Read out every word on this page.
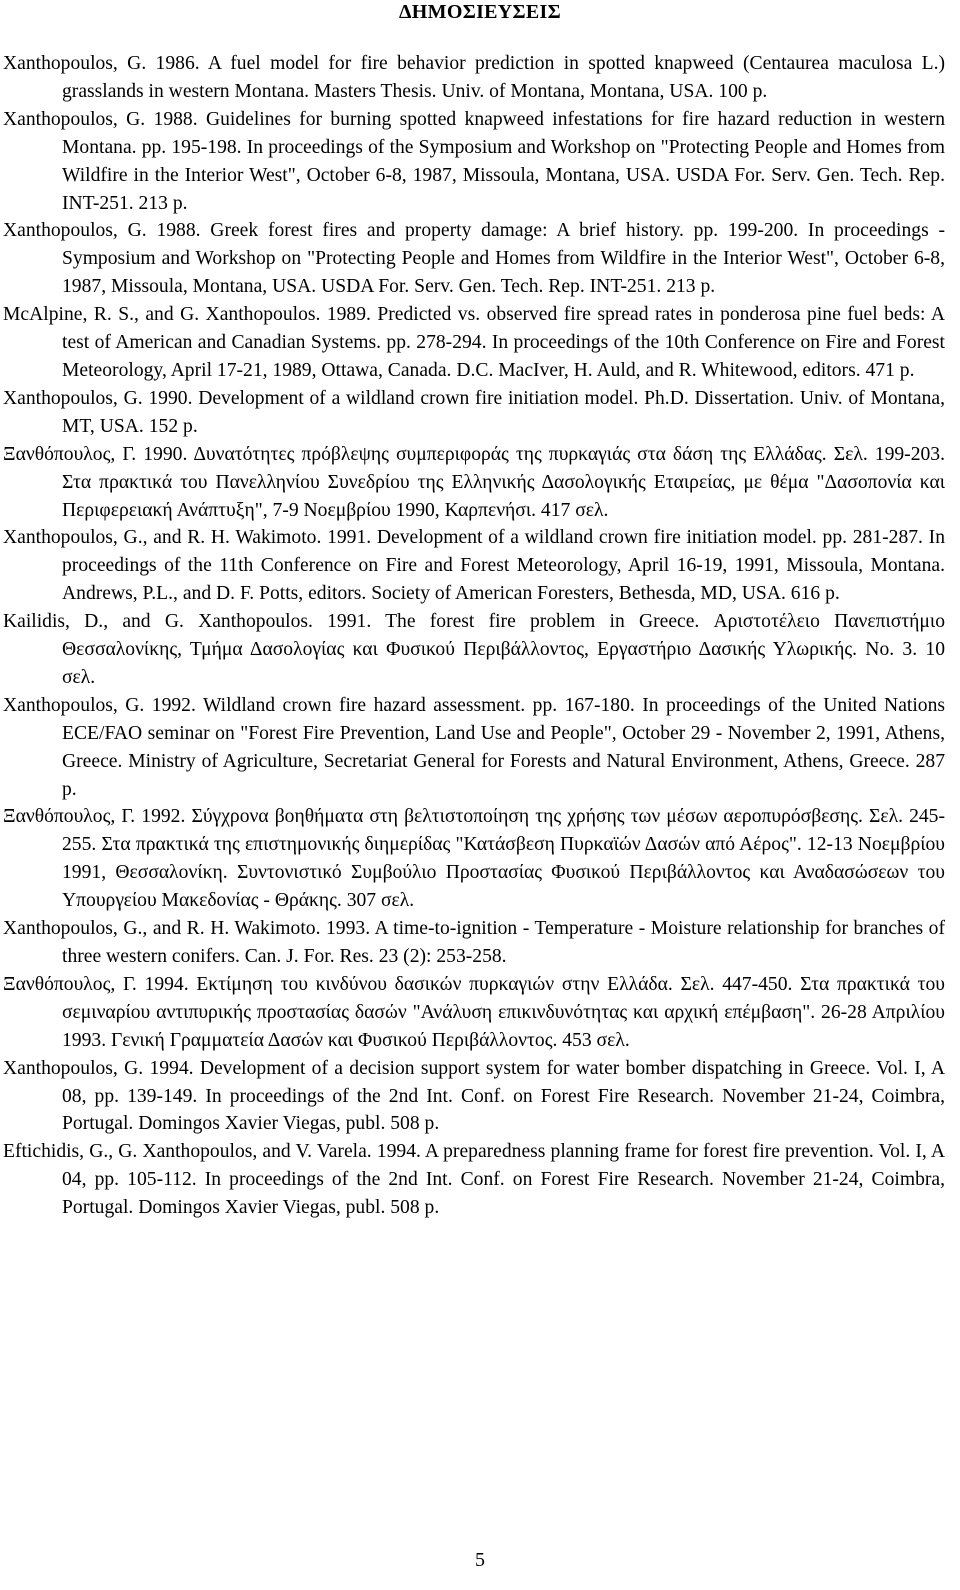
ΔΗΜΟΣΙΕΥΣΕΙΣ

Xanthopoulos, G. 1986. A fuel model for fire behavior prediction in spotted knapweed (Centaurea maculosa L.) grasslands in western Montana. Masters Thesis. Univ. of Montana, Montana, USA. 100 p.

Xanthopoulos, G. 1988. Guidelines for burning spotted knapweed infestations for fire hazard reduction in western Montana. pp. 195-198. In proceedings of the Symposium and Workshop on "Protecting People and Homes from Wildfire in the Interior West", October 6-8, 1987, Missoula, Montana, USA. USDA For. Serv. Gen. Tech. Rep. INT-251. 213 p.

Xanthopoulos, G. 1988. Greek forest fires and property damage: A brief history. pp. 199-200. In proceedings - Symposium and Workshop on "Protecting People and Homes from Wildfire in the Interior West", October 6-8, 1987, Missoula, Montana, USA. USDA For. Serv. Gen. Tech. Rep. INT-251. 213 p.

McAlpine, R. S., and G. Xanthopoulos. 1989. Predicted vs. observed fire spread rates in ponderosa pine fuel beds: A test of American and Canadian Systems. pp. 278-294. In proceedings of the 10th Conference on Fire and Forest Meteorology, April 17-21, 1989, Ottawa, Canada. D.C. MacIver, H. Auld, and R. Whitewood, editors. 471 p.

Xanthopoulos, G. 1990. Development of a wildland crown fire initiation model. Ph.D. Dissertation. Univ. of Montana, MT, USA. 152 p.

Ξανθόπουλος, Γ. 1990. Δυνατότητες πρόβλεψης συμπεριφοράς της πυρκαγιάς στα δάση της Ελλάδας. Σελ. 199-203. Στα πρακτικά του Πανελληνίου Συνεδρίου της Ελληνικής Δασολογικής Εταιρείας, με θέμα "Δασοπονία και Περιφερειακή Ανάπτυξη", 7-9 Νοεμβρίου 1990, Καρπενήσι. 417 σελ.

Xanthopoulos, G., and R. H. Wakimoto. 1991. Development of a wildland crown fire initiation model. pp. 281-287. In proceedings of the 11th Conference on Fire and Forest Meteorology, April 16-19, 1991, Missoula, Montana. Andrews, P.L., and D. F. Potts, editors. Society of American Foresters, Bethesda, MD, USA. 616 p.

Kailidis, D., and G. Xanthopoulos. 1991. The forest fire problem in Greece. Αριστοτέλειο Πανεπιστήμιο Θεσσαλονίκης, Τμήμα Δασολογίας και Φυσικού Περιβάλλοντος, Εργαστήριο Δασικής Υλωρικής. No. 3. 10 σελ.

Xanthopoulos, G. 1992. Wildland crown fire hazard assessment. pp. 167-180. In proceedings of the United Nations ECE/FAO seminar on "Forest Fire Prevention, Land Use and People", October 29 - November 2, 1991, Athens, Greece. Ministry of Agriculture, Secretariat General for Forests and Natural Environment, Athens, Greece. 287 p.

Ξανθόπουλος, Γ. 1992. Σύγχρονα βοηθήματα στη βελτιστοποίηση της χρήσης των μέσων αεροπυρόσβεσης. Σελ. 245-255. Στα πρακτικά της επιστημονικής διημερίδας "Κατάσβεση Πυρκαϊών Δασών από Αέρος". 12-13 Νοεμβρίου 1991, Θεσσαλονίκη. Συντονιστικό Συμβούλιο Προστασίας Φυσικού Περιβάλλοντος και Αναδασώσεων του Υπουργείου Μακεδονίας - Θράκης. 307 σελ.

Xanthopoulos, G., and R. H. Wakimoto. 1993. A time-to-ignition - Temperature - Moisture relationship for branches of three western conifers. Can. J. For. Res. 23 (2): 253-258.

Ξανθόπουλος, Γ. 1994. Εκτίμηση του κινδύνου δασικών πυρκαγιών στην Ελλάδα. Σελ. 447-450. Στα πρακτικά του σεμιναρίου αντιπυρικής προστασίας δασών "Ανάλυση επικινδυνότητας και αρχική επέμβαση". 26-28 Απριλίου 1993. Γενική Γραμματεία Δασών και Φυσικού Περιβάλλοντος. 453 σελ.

Xanthopoulos, G. 1994. Development of a decision support system for water bomber dispatching in Greece. Vol. I, A 08, pp. 139-149. In proceedings of the 2nd Int. Conf. on Forest Fire Research. November 21-24, Coimbra, Portugal. Domingos Xavier Viegas, publ. 508 p.

Eftichidis, G., G. Xanthopoulos, and V. Varela. 1994. A preparedness planning frame for forest fire prevention. Vol. I, A 04, pp. 105-112. In proceedings of the 2nd Int. Conf. on Forest Fire Research. November 21-24, Coimbra, Portugal. Domingos Xavier Viegas, publ. 508 p.

5
